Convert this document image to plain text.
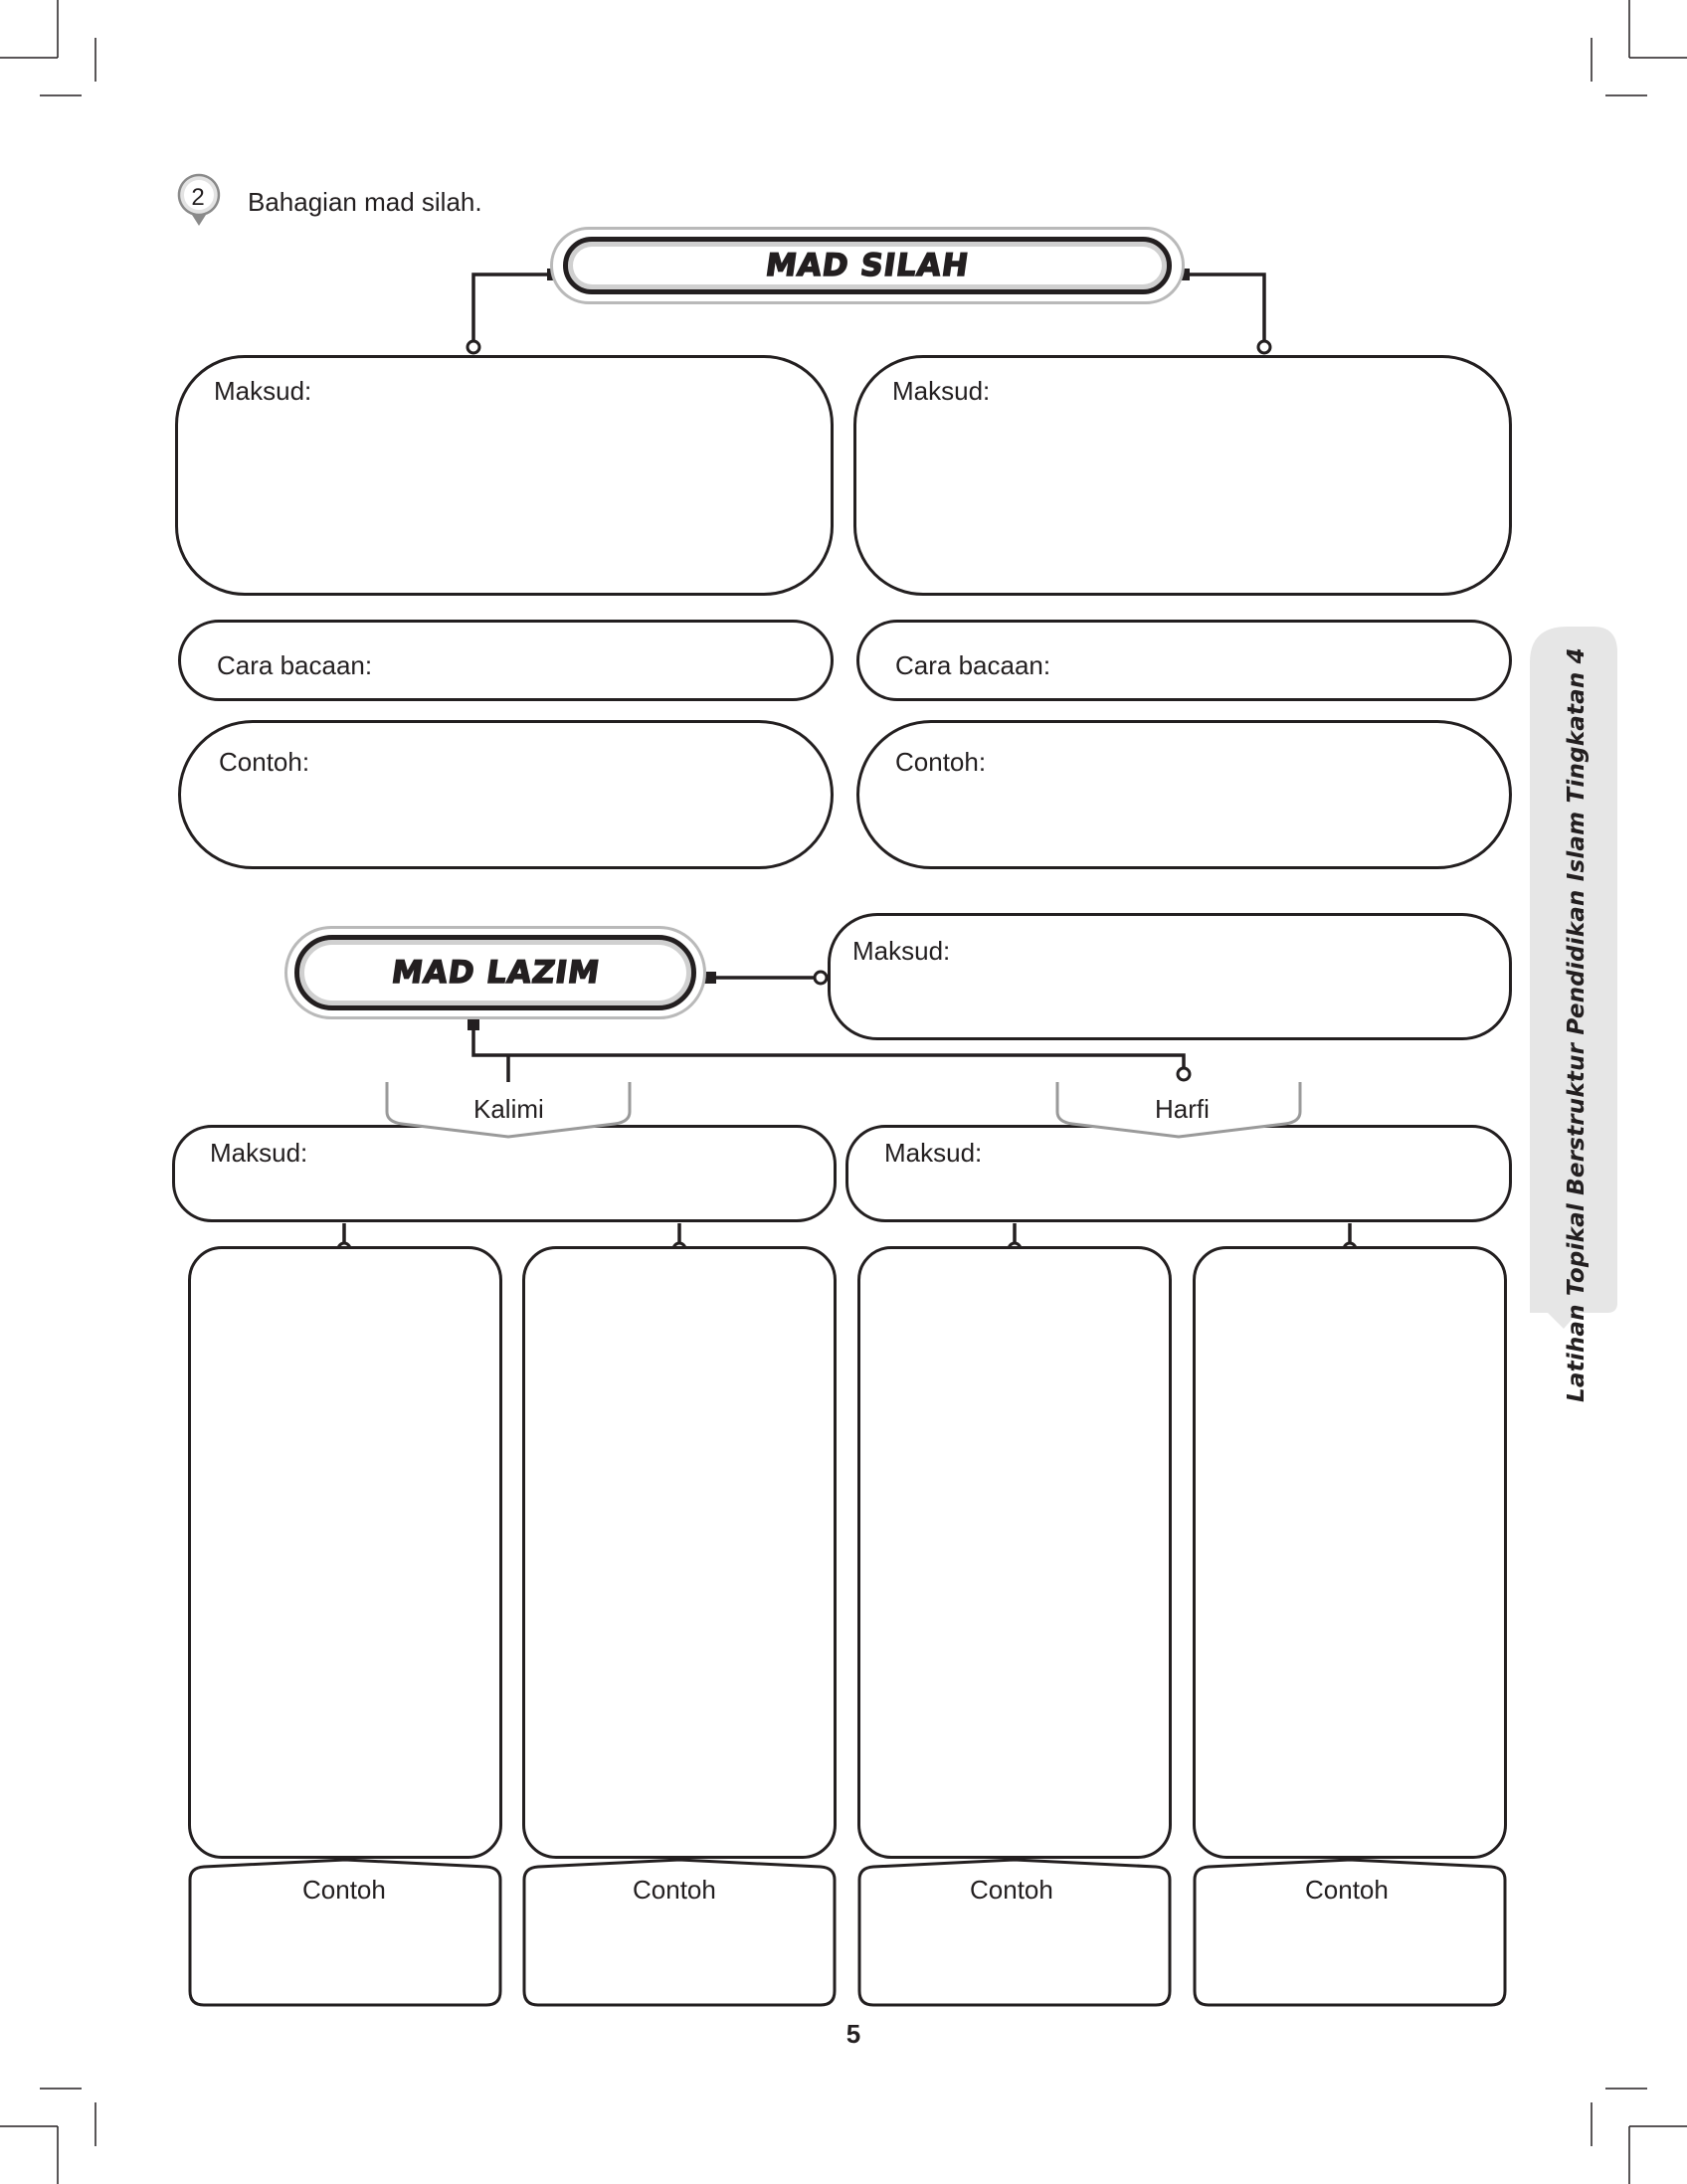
2	Bahagian mad silah.
MAD SILAH
Maksud:
Cara bacaan:
Contoh:
Maksud:
Cara bacaan:
Contoh:
MAD LAZIM
Maksud:
Kalimi	Harfi
Maksud:	Maksud:
Contoh	Contoh	Contoh	Contoh
Latihan Topikal Berstruktur Pendidikan Islam Tingkatan 4
5
